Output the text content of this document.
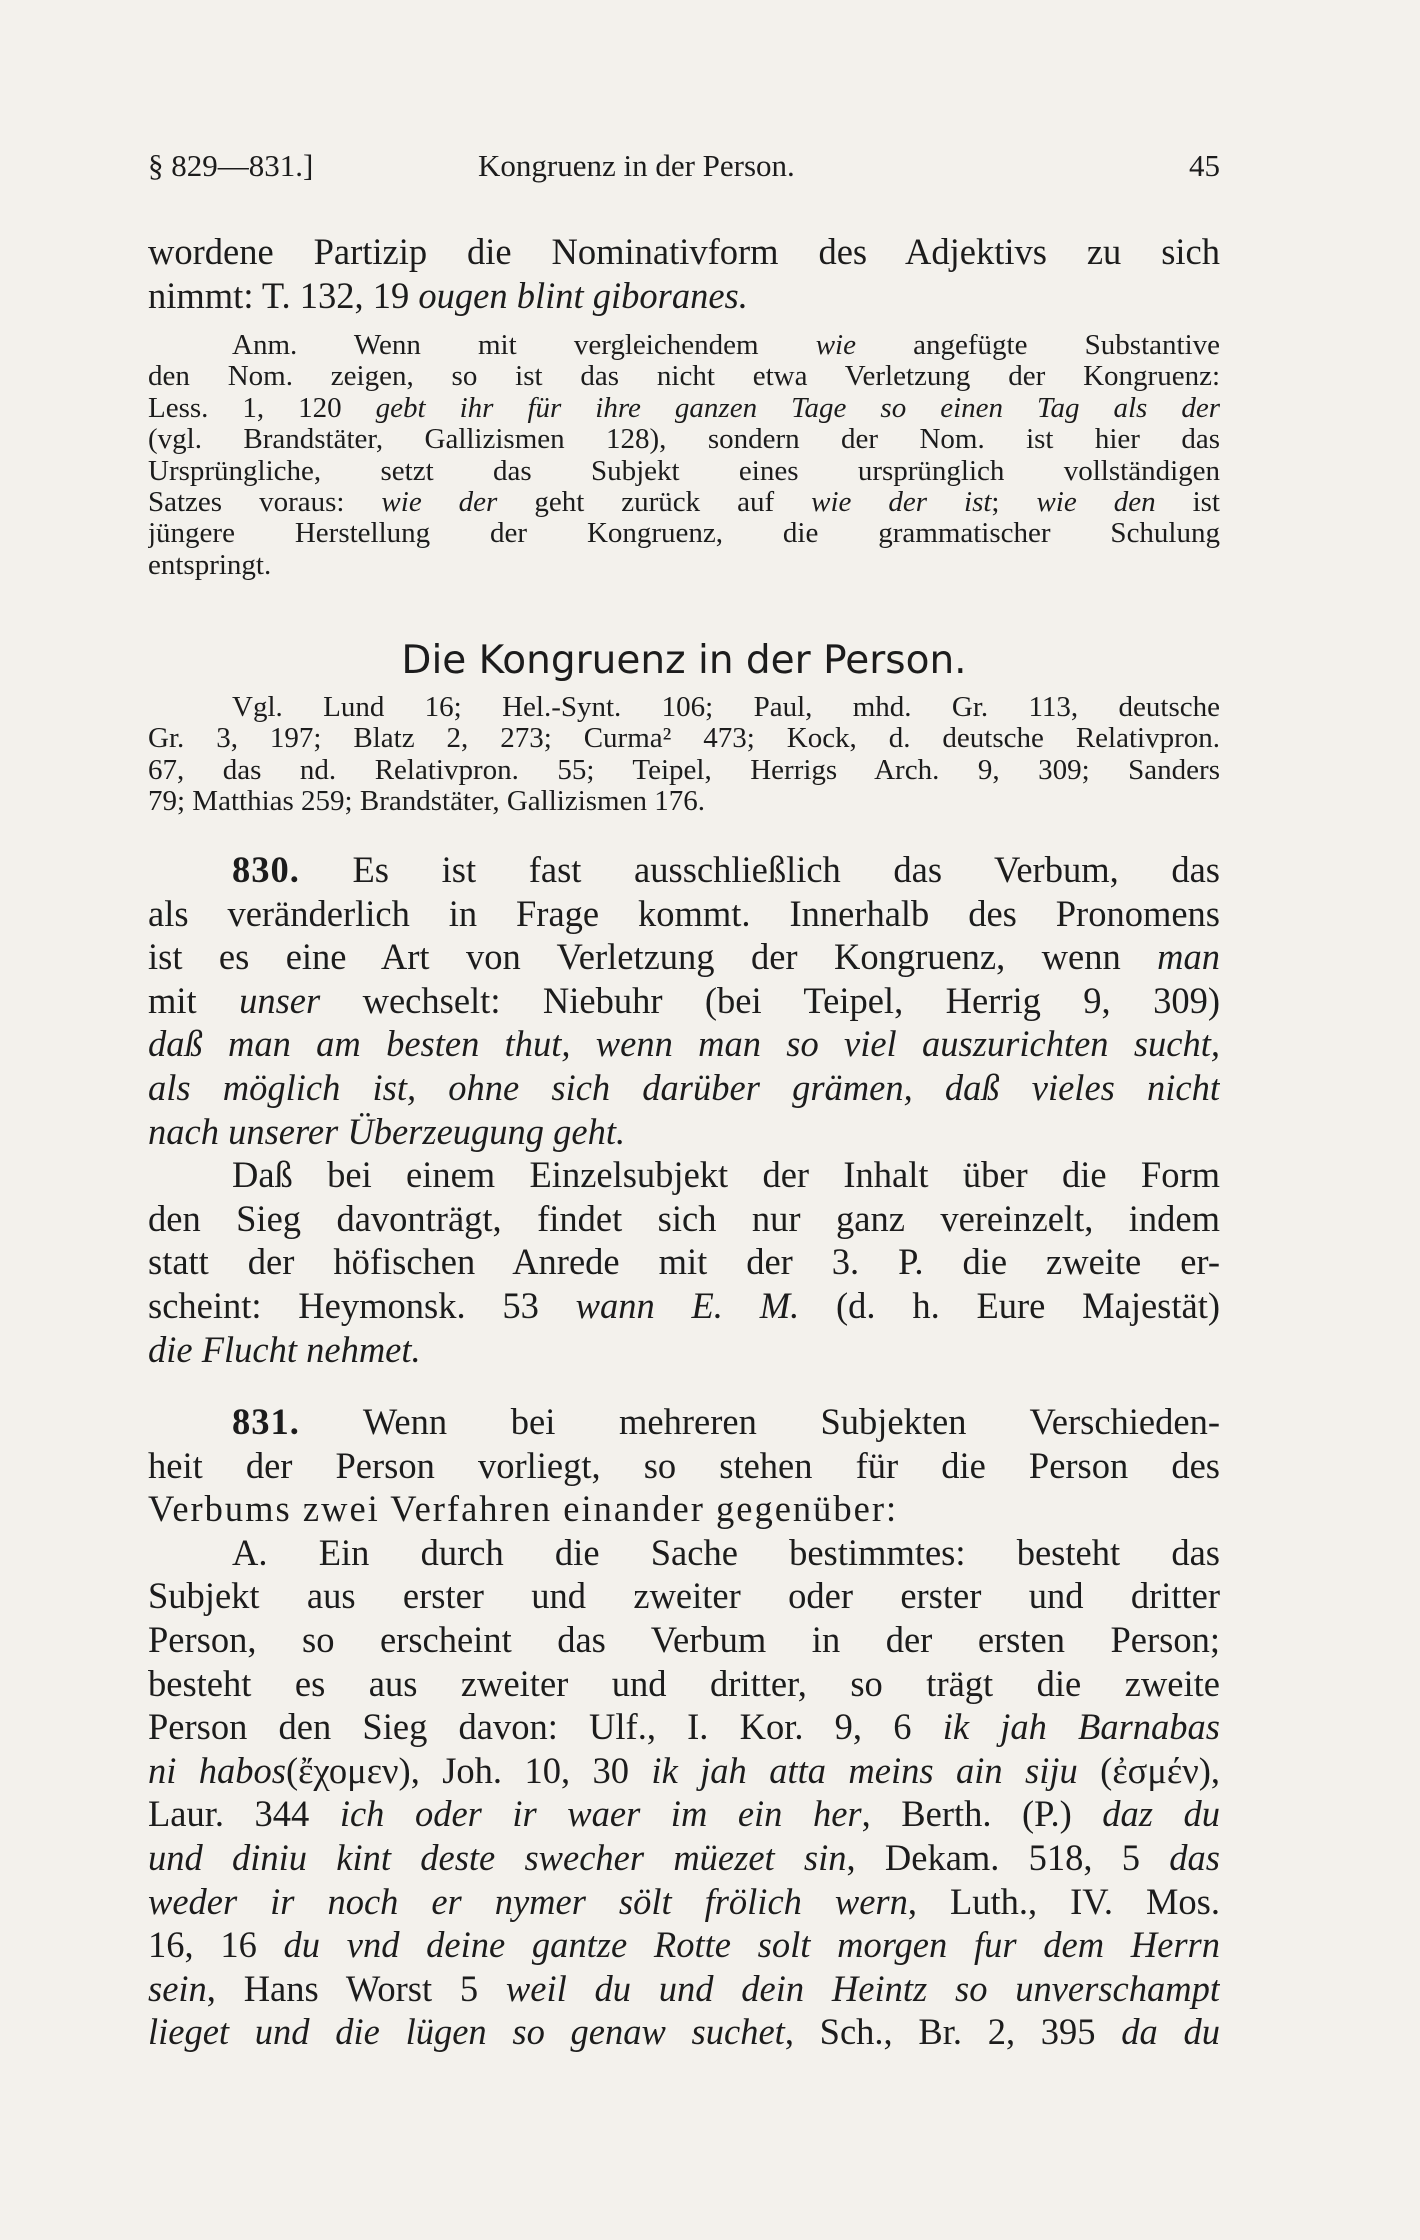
§ 829—831.]	Kongruenz in der Person.	45
wordene Partizip die Nominativform des Adjektivs zu sich
nimmt: T. 132, 19 ougen blint giboranes.
Anm. Wenn mit vergleichendem wie angefügte Substantive
den Nom. zeigen, so ist das nicht etwa Verletzung der Kongruenz:
Less. 1, 120 gebt ihr für ihre ganzen Tage so einen Tag als der
(vgl. Brandstäter, Gallizismen 128), sondern der Nom. ist hier das
Ursprüngliche, setzt das Subjekt eines ursprünglich vollständigen
Satzes voraus: wie der geht zurück auf wie der ist; wie den ist
jüngere Herstellung der Kongruenz, die grammatischer Schulung
entspringt.
Die Kongruenz in der Person.
Vgl. Lund 16; Hel.-Synt. 106; Paul, mhd. Gr. 113, deutsche
Gr. 3, 197; Blatz 2, 273; Curma² 473; Kock, d. deutsche Relativpron.
67, das nd. Relativpron. 55; Teipel, Herrigs Arch. 9, 309; Sanders
79; Matthias 259; Brandstäter, Gallizismen 176.
830. Es ist fast ausschließlich das Verbum, das
als veränderlich in Frage kommt. Innerhalb des Pronomens
ist es eine Art von Verletzung der Kongruenz, wenn man
mit unser wechselt: Niebuhr (bei Teipel, Herrig 9, 309)
daß man am besten thut, wenn man so viel auszurichten sucht,
als möglich ist, ohne sich darüber grämen, daß vieles nicht
nach unserer Überzeugung geht.
Daß bei einem Einzelsubjekt der Inhalt über die Form
den Sieg davonträgt, findet sich nur ganz vereinzelt, indem
statt der höfischen Anrede mit der 3. P. die zweite er-
scheint: Heymonsk. 53 wann E. M. (d. h. Eure Majestät)
die Flucht nehmet.
831. Wenn bei mehreren Subjekten Verschieden-
heit der Person vorliegt, so stehen für die Person des
Verbums zwei Verfahren einander gegenüber:
A. Ein durch die Sache bestimmtes: besteht das
Subjekt aus erster und zweiter oder erster und dritter
Person, so erscheint das Verbum in der ersten Person;
besteht es aus zweiter und dritter, so trägt die zweite
Person den Sieg davon: Ulf., I. Kor. 9, 6 ik jah Barnabas
ni habos(ἔχομεν), Joh. 10, 30 ik jah atta meins ain siju (ἐσμέν),
Laur. 344 ich oder ir waer im ein her, Berth. (P.) daz du
und diniu kint deste swecher müezet sin, Dekam. 518, 5 das
weder ir noch er nymer sölt frölich wern, Luth., IV. Mos.
16, 16 du vnd deine gantze Rotte solt morgen fur dem Herrn
sein, Hans Worst 5 weil du und dein Heintz so unverschampt
lieget und die lügen so genaw suchet, Sch., Br. 2, 395 da du
